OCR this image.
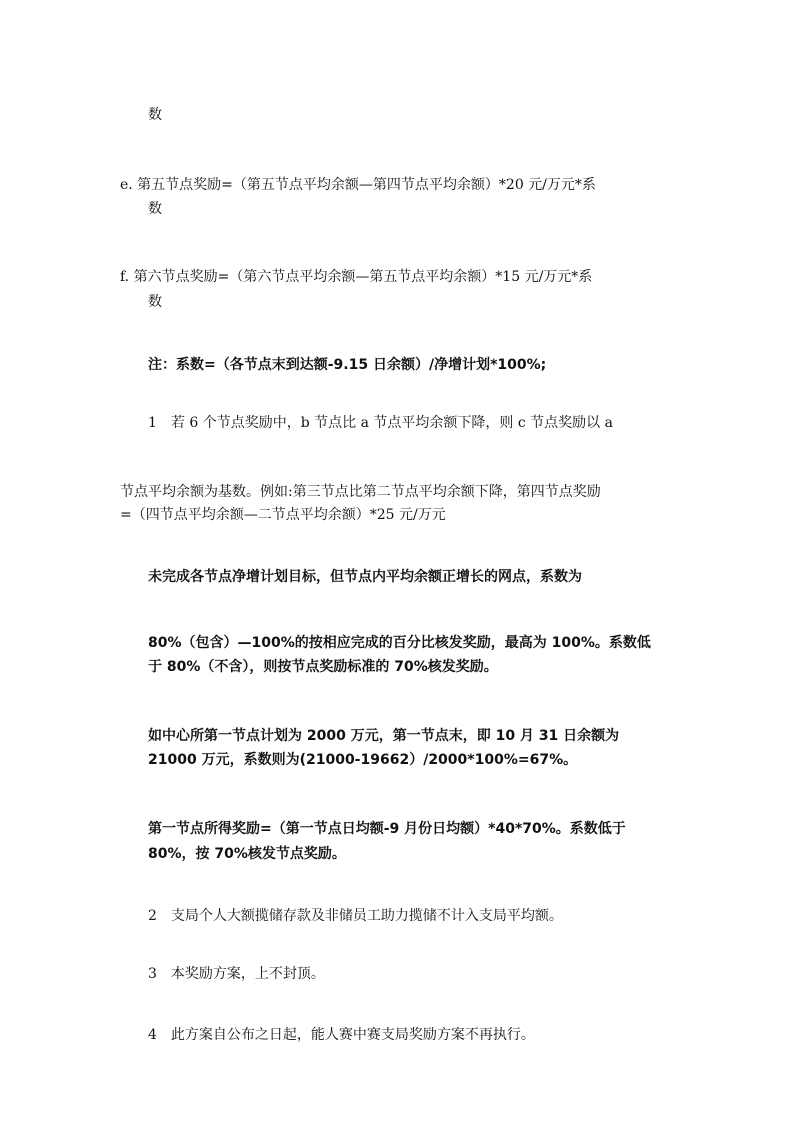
数
e. 第五节点奖励=（第五节点平均余额—第四节点平均余额）*20 元/万元*系
数
f. 第六节点奖励=（第六节点平均余额—第五节点平均余额）*15 元/万元*系
数
注：系数=（各节点末到达额-9.15 日余额）/净增计划*100%;
1　若 6 个节点奖励中，b 节点比 a 节点平均余额下降，则 c 节点奖励以 a
节点平均余额为基数。例如:第三节点比第二节点平均余额下降，第四节点奖励
=（四节点平均余额—二节点平均余额）*25 元/万元
未完成各节点净增计划目标，但节点内平均余额正增长的网点，系数为
80%（包含）—100%的按相应完成的百分比核发奖励，最高为 100%。系数低
于 80%（不含），则按节点奖励标准的 70%核发奖励。
如中心所第一节点计划为 2000 万元，第一节点末，即 10 月 31 日余额为
21000 万元，系数则为(21000-19662）/2000*100%=67%。
第一节点所得奖励=（第一节点日均额-9 月份日均额）*40*70%。系数低于
80%，按 70%核发节点奖励。
2　支局个人大额揽储存款及非储员工助力揽储不计入支局平均额。
3　本奖励方案，上不封顶。
4　此方案自公布之日起，能人赛中赛支局奖励方案不再执行。
